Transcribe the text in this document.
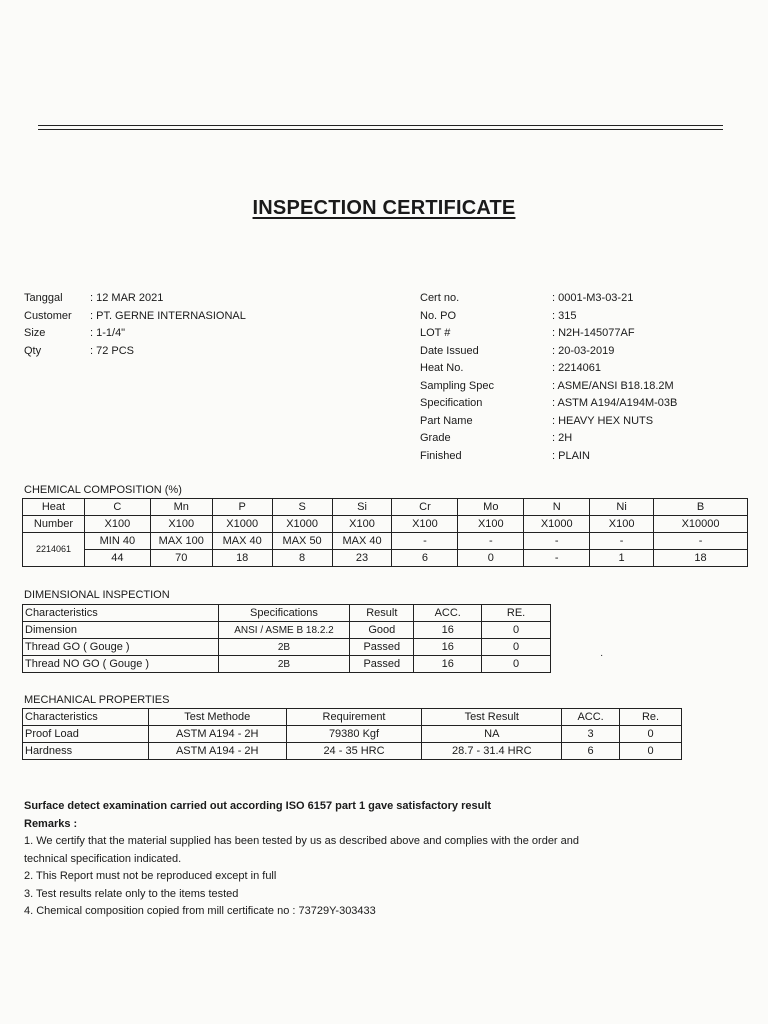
INSPECTION CERTIFICATE
Tanggal	: 12 MAR 2021
Customer	: PT. GERNE INTERNASIONAL
Size	: 1-1/4"
Qty	: 72 PCS
Cert no.	: 0001-M3-03-21
No. PO	: 315
LOT #	: N2H-145077AF
Date Issued	: 20-03-2019
Heat No.	: 2214061
Sampling Spec	: ASME/ANSI B18.18.2M
Specification	: ASTM A194/A194M-03B
Part Name	: HEAVY HEX NUTS
Grade	: 2H
Finished	: PLAIN
CHEMICAL COMPOSITION (%)
Heat	C	Mn	P	S	Si	Cr	Mo	N	Ni	B
Number	X100	X100	X1000	X1000	X100	X100	X100	X1000	X100	X10000
2214061	MIN 40	MAX 100	MAX 40	MAX 50	MAX 40	-	-	-	-	-
	44	70	18	8	23	6	0	-	1	18
DIMENSIONAL INSPECTION
Characteristics	Specifications	Result	ACC.	RE.
Dimension	ANSI / ASME B 18.2.2	Good	16	0
Thread GO ( Gouge )	2B	Passed	16	0
Thread NO GO ( Gouge )	2B	Passed	16	0
·
MECHANICAL PROPERTIES
Characteristics	Test Methode	Requirement	Test Result	ACC.	Re.
Proof Load	ASTM A194 - 2H	79380 Kgf	NA	3	0
Hardness	ASTM A194 - 2H	24 - 35 HRC	28.7 - 31.4 HRC	6	0

Surface detect examination carried out according ISO 6157 part 1 gave satisfactory result

Remarks :

1. We certify that the material supplied has been tested by us as described above and complies with the order and technical specification indicated.

2. This Report must not be reproduced except in full

3. Test results relate only to the items tested

4. Chemical composition copied from mill certificate no : 73729Y-303433
